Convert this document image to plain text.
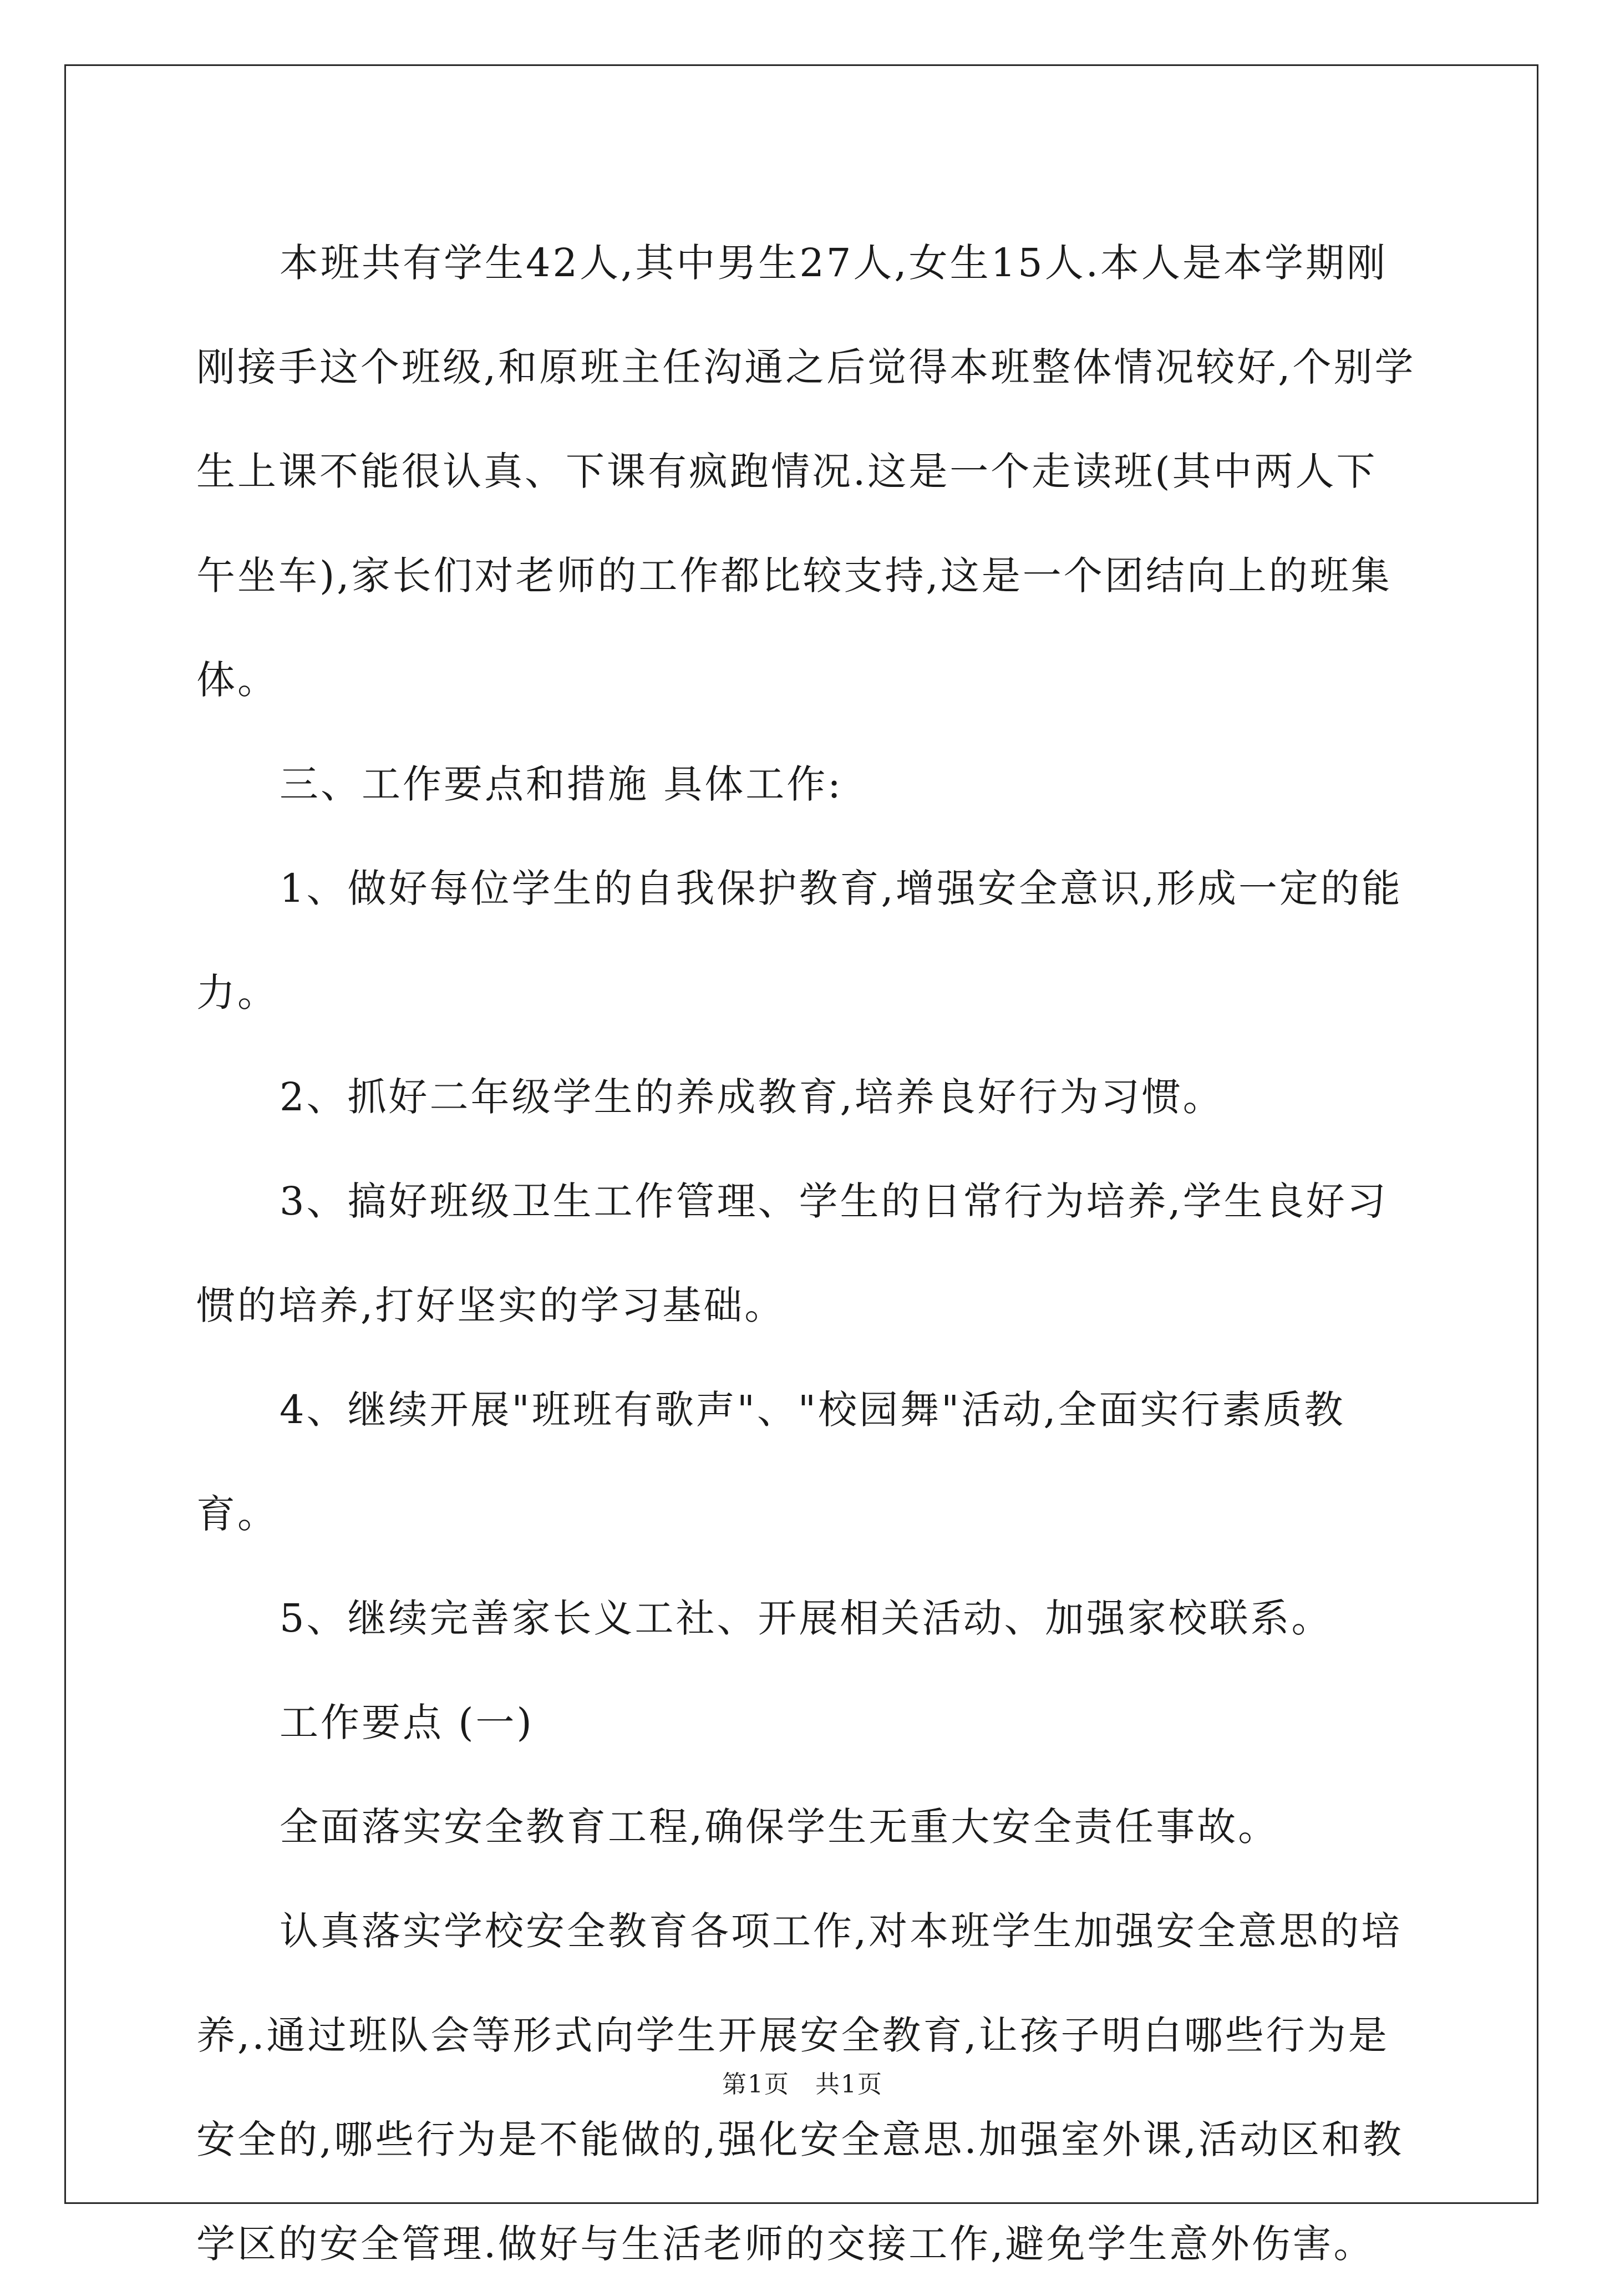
本班共有学生42人,其中男生27人,女生15人.本人是本学期刚刚接手这个班级,和原班主任沟通之后觉得本班整体情况较好,个别学生上课不能很认真、下课有疯跑情况.这是一个走读班(其中两人下午坐车),家长们对老师的工作都比较支持,这是一个团结向上的班集体。

三、工作要点和措施 具体工作:

1、做好每位学生的自我保护教育,增强安全意识,形成一定的能力。

2、抓好二年级学生的养成教育,培养良好行为习惯。

3、搞好班级卫生工作管理、学生的日常行为培养,学生良好习惯的培养,打好坚实的学习基础。

4、继续开展"班班有歌声"、"校园舞"活动,全面实行素质教育。

5、继续完善家长义工社、开展相关活动、加强家校联系。

工作要点 (一)

全面落实安全教育工程,确保学生无重大安全责任事故。

认真落实学校安全教育各项工作,对本班学生加强安全意思的培养,.通过班队会等形式向学生开展安全教育,让孩子明白哪些行为是安全的,哪些行为是不能做的,强化安全意思.加强室外课,活动区和教学区的安全管理.做好与生活老师的交接工作,避免学生意外伤害。

第1页 共1页
